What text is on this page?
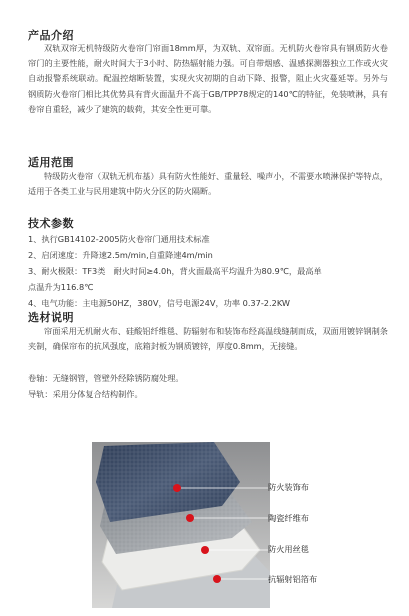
产品介绍
双轨双帘无机特级防火卷帘门帘面18mm厚，为双轨、双帘面。无机防火卷帘具有钢质防火卷帘门的主要性能，耐火时间大于3小时、防热辐射能力强。可自带烟感、温感探测器独立工作或火灾自动报警系统联动。配温控熔断装置，实现火灾初期的自动下降、报警，阻止火灾蔓延等。另外与钢质防火卷帘门相比其优势具有背火面温升不高于GB/TPP78规定的140℃的特征，免装喷淋，具有卷帘自重轻，减少了建筑的载荷，其安全性更可靠。
适用范围
特级防火卷帘（双轨无机布基）具有防火性能好、重量轻、噪声小，不需要水喷淋保护等特点，适用于各类工业与民用建筑中防火分区的防火隔断。
技术参数
1、执行GB14102-2005防火卷帘门通用技术标准
2、启闭速度：升降速2.5m/min,自重降速4m/min
3、耐火极限：TF3类　耐火时间≥4.0h，背火面最高平均温升为80.9℃，最高单
点温升为116.8℃
4、电气功能：主电源50HZ，380V，信号电源24V，功率 0.37-2.2KW
选材说明
帘面采用无机耐火布、硅酸铝纤维毯、防辐射布和装饰布经高温线缝制而成，双面用镀锌钢制条夹制，确保帘布的抗风强度，底箱封板为钢质镀锌，厚度0.8mm，无接缝。
卷轴：无缝钢管，管壁外经除锈防腐处理。
导轨：采用分体复合结构制作。
防火装饰布
陶瓷纤维布
防火用丝毯
抗辐射铝箔布
